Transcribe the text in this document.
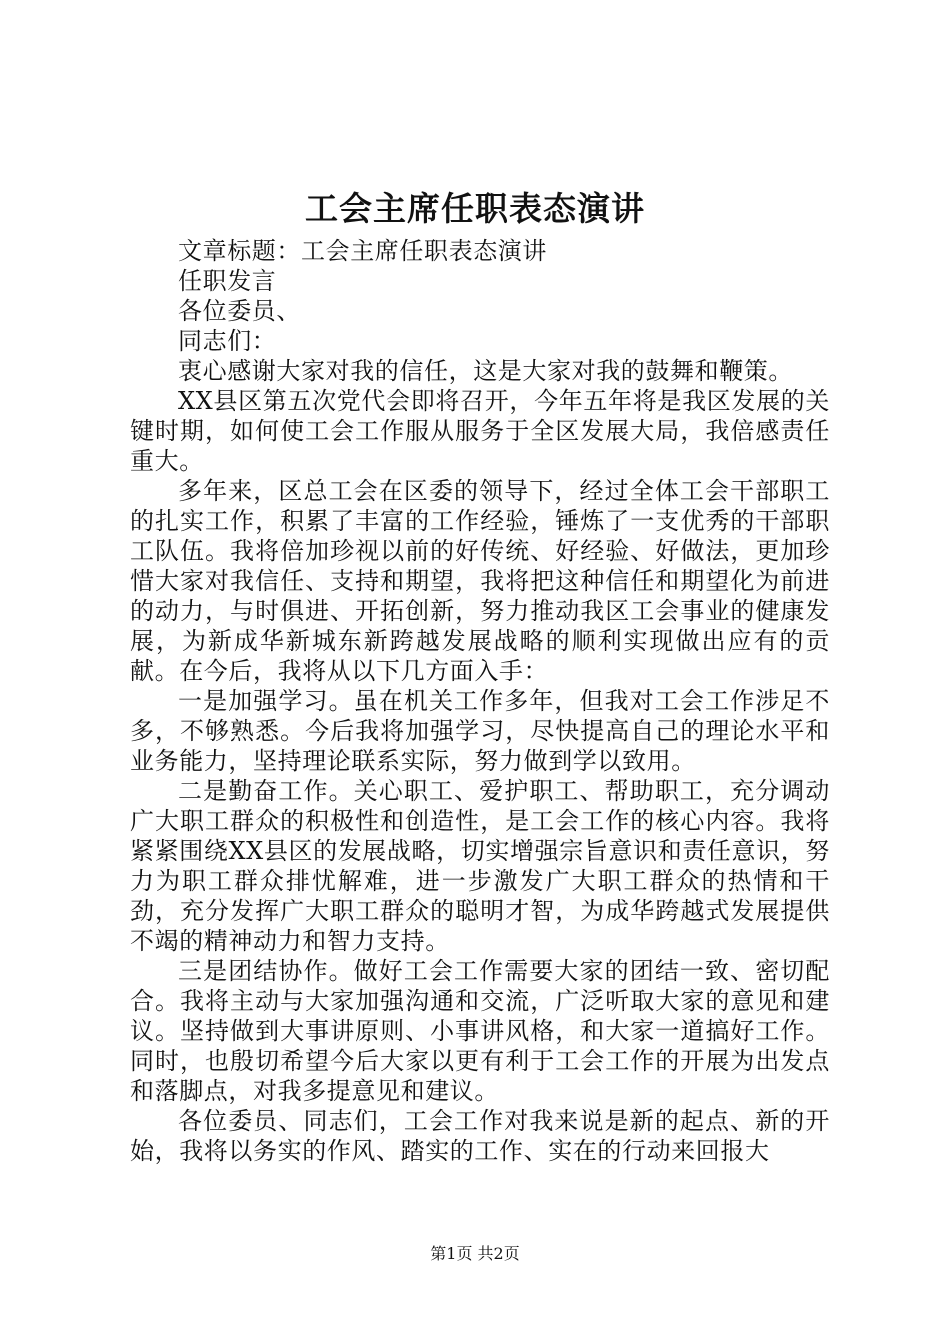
工会主席任职表态演讲

文章标题：工会主席任职表态演讲

任职发言

各位委员、

同志们：

衷心感谢大家对我的信任，这是大家对我的鼓舞和鞭策。

XX县区第五次党代会即将召开，今年五年将是我区发展的关键时期，如何使工会工作服从服务于全区发展大局，我倍感责任重大。

多年来，区总工会在区委的领导下，经过全体工会干部职工的扎实工作，积累了丰富的工作经验，锤炼了一支优秀的干部职工队伍。我将倍加珍视以前的好传统、好经验、好做法，更加珍惜大家对我信任、支持和期望，我将把这种信任和期望化为前进的动力，与时俱进、开拓创新，努力推动我区工会事业的健康发展，为新成华新城东新跨越发展战略的顺利实现做出应有的贡献。在今后，我将从以下几方面入手：

一是加强学习。虽在机关工作多年，但我对工会工作涉足不多，不够熟悉。今后我将加强学习，尽快提高自己的理论水平和业务能力，坚持理论联系实际，努力做到学以致用。

二是勤奋工作。关心职工、爱护职工、帮助职工，充分调动广大职工群众的积极性和创造性，是工会工作的核心内容。我将紧紧围绕XX县区的发展战略，切实增强宗旨意识和责任意识，努力为职工群众排忧解难，进一步激发广大职工群众的热情和干劲，充分发挥广大职工群众的聪明才智，为成华跨越式发展提供不竭的精神动力和智力支持。

三是团结协作。做好工会工作需要大家的团结一致、密切配合。我将主动与大家加强沟通和交流，广泛听取大家的意见和建议。坚持做到大事讲原则、小事讲风格，和大家一道搞好工作。同时，也殷切希望今后大家以更有利于工会工作的开展为出发点和落脚点，对我多提意见和建议。

各位委员、同志们，工会工作对我来说是新的起点、新的开始，我将以务实的作风、踏实的工作、实在的行动来回报大

第1页 共2页
